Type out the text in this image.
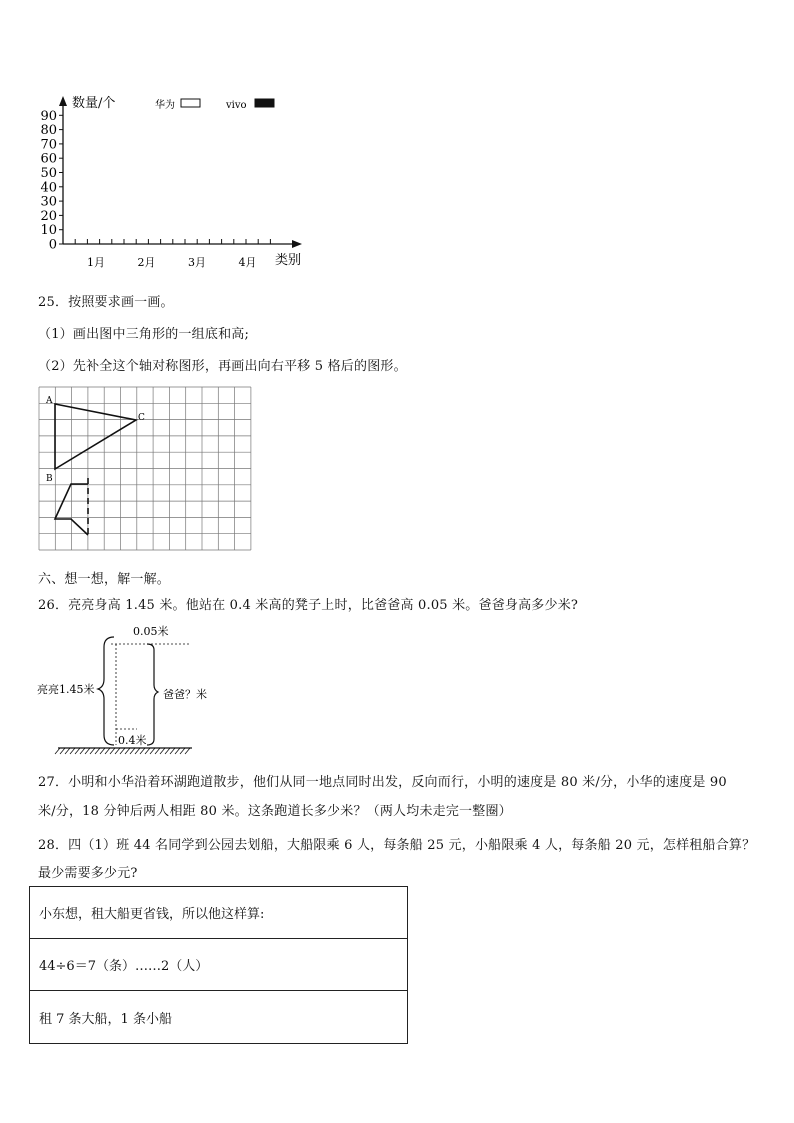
0
10
20
30
40
50
60
70
80
90
1月	2月	3月	4月
数量/个
类别
华为	vivo
25．按照要求画一画。
（1）画出图中三角形的一组底和高;
（2）先补全这个轴对称图形，再画出向右平移 5 格后的图形。
A
C
B
六、想一想，解一解。
26．亮亮身高 1.45 米。他站在 0.4 米高的凳子上时，比爸爸高 0.05 米。爸爸身高多少米?
0.05米
亮亮1.45米	爸爸？米
0.4米
27．小明和小华沿着环湖跑道散步，他们从同一地点同时出发，反向而行，小明的速度是 80 米/分，小华的速度是 90
米/分，18 分钟后两人相距 80 米。这条跑道长多少米？（两人均未走完一整圈）
28．四（1）班 44 名同学到公园去划船，大船限乘 6 人，每条船 25 元，小船限乘 4 人，每条船 20 元，怎样租船合算？
最少需要多少元?
小东想，租大船更省钱，所以他这样算:
44÷6＝7（条）……2（人）
租 7 条大船，1 条小船
